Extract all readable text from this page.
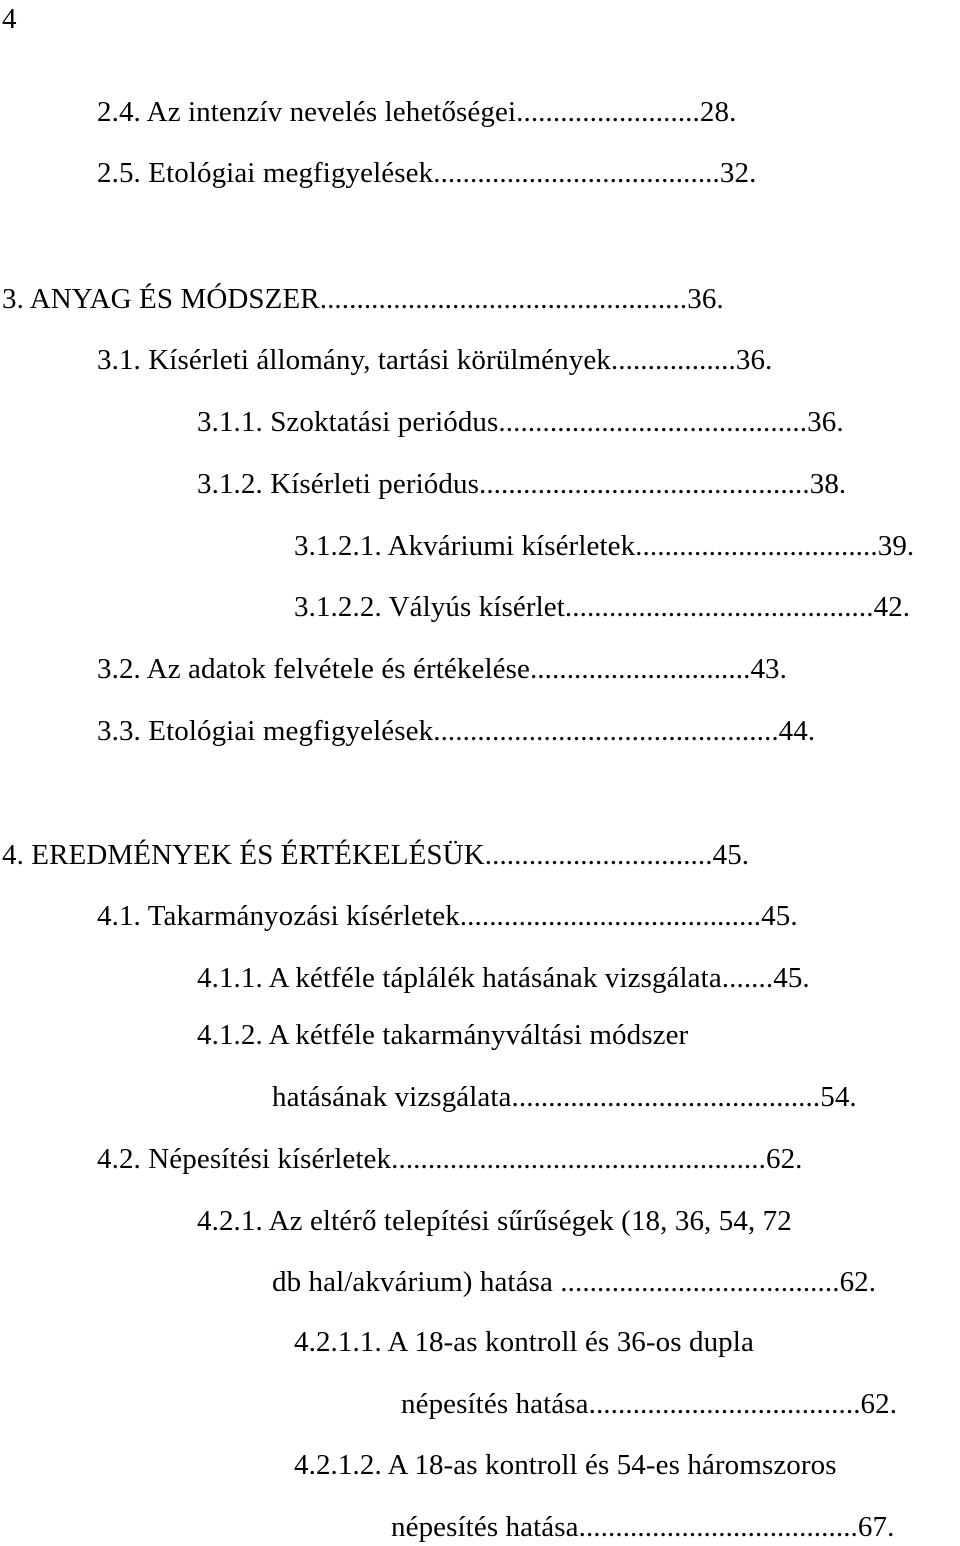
4
2.4. Az intenzív nevelés lehetőségei.........................28.
2.5. Etológiai megfigyelések.......................................32.
3. ANYAG ÉS MÓDSZER..................................................36.
3.1. Kísérleti állomány, tartási körülmények.................36.
3.1.1. Szoktatási periódus..........................................36.
3.1.2. Kísérleti periódus.............................................38.
3.1.2.1. Akváriumi kísérletek.................................39.
3.1.2.2. Vályús kísérlet..........................................42.
3.2. Az adatok felvétele és értékelése..............................43.
3.3. Etológiai megfigyelések...............................................44.
4. EREDMÉNYEK ÉS ÉRTÉKELÉSÜK...............................45.
4.1. Takarmányozási kísérletek.........................................45.
4.1.1. A kétféle táplálék hatásának vizsgálata.......45.
4.1.2. A kétféle takarmányváltási módszer
hatásának vizsgálata..........................................54.
4.2. Népesítési kísérletek...................................................62.
4.2.1. Az eltérő telepítési sűrűségek (18, 36, 54, 72
db hal/akvárium) hatása ......................................62.
4.2.1.1. A 18-as kontroll és 36-os dupla
népesítés hatása.....................................62.
4.2.1.2. A 18-as kontroll és 54-es háromszoros
népesítés hatása......................................67.
